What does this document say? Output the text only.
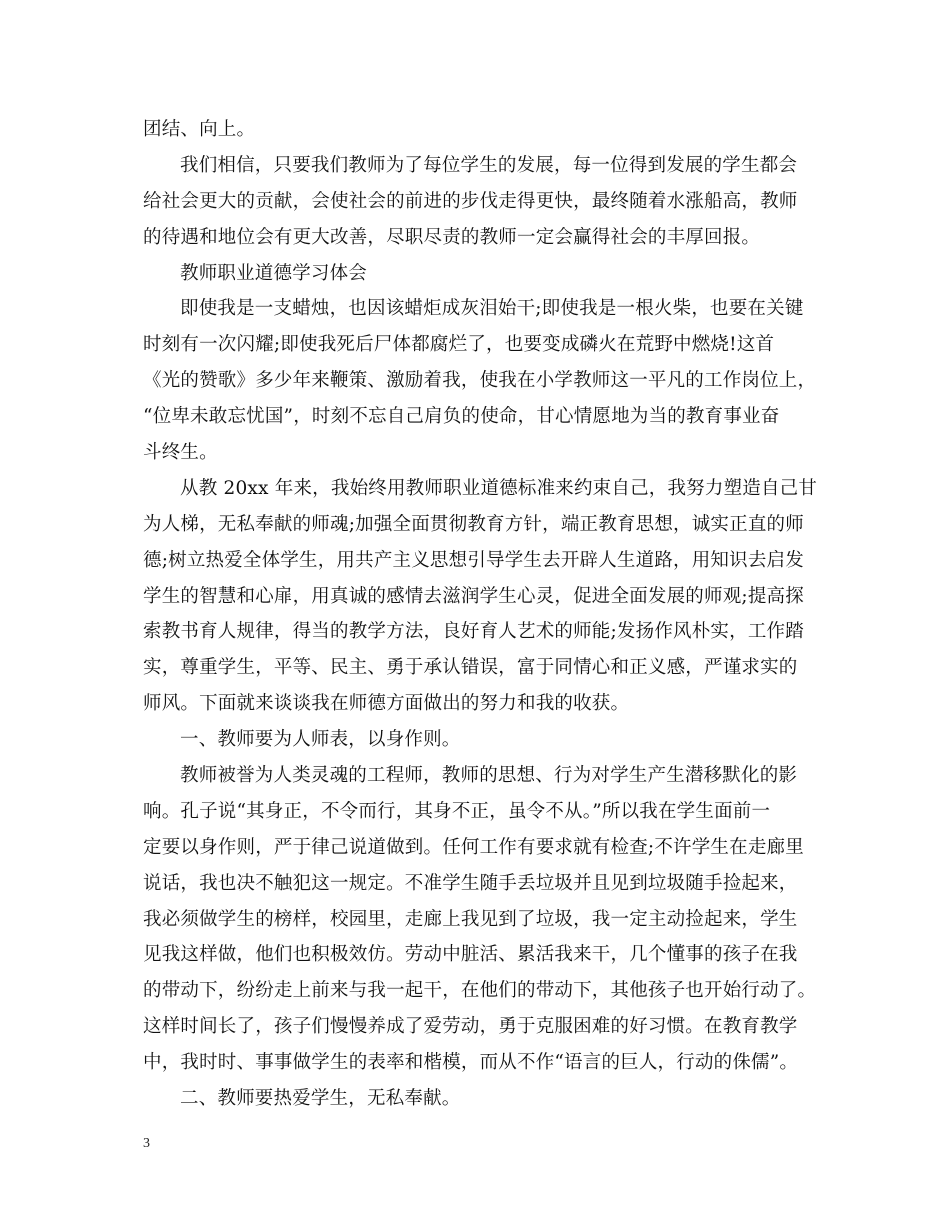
团结、向上。
我们相信，只要我们教师为了每位学生的发展，每一位得到发展的学生都会
给社会更大的贡献，会使社会的前进的步伐走得更快，最终随着水涨船高，教师
的待遇和地位会有更大改善，尽职尽责的教师一定会赢得社会的丰厚回报。
教师职业道德学习体会
即使我是一支蜡烛，也因该蜡炬成灰泪始干;即使我是一根火柴，也要在关键
时刻有一次闪耀;即使我死后尸体都腐烂了，也要变成磷火在荒野中燃烧!这首
《光的赞歌》多少年来鞭策、激励着我，使我在小学教师这一平凡的工作岗位上，
“位卑未敢忘忧国”，时刻不忘自己肩负的使命，甘心情愿地为当的教育事业奋
斗终生。
从教 20xx 年来，我始终用教师职业道德标准来约束自己，我努力塑造自己甘
为人梯，无私奉献的师魂;加强全面贯彻教育方针，端正教育思想，诚实正直的师
德;树立热爱全体学生，用共产主义思想引导学生去开辟人生道路，用知识去启发
学生的智慧和心扉，用真诚的感情去滋润学生心灵，促进全面发展的师观;提高探
索教书育人规律，得当的教学方法，良好育人艺术的师能;发扬作风朴实，工作踏
实，尊重学生，平等、民主、勇于承认错误，富于同情心和正义感，严谨求实的
师风。下面就来谈谈我在师德方面做出的努力和我的收获。
一、教师要为人师表，以身作则。
教师被誉为人类灵魂的工程师，教师的思想、行为对学生产生潜移默化的影
响。孔子说“其身正，不令而行，其身不正，虽令不从。”所以我在学生面前一
定要以身作则，严于律己说道做到。任何工作有要求就有检查;不许学生在走廊里
说话，我也决不触犯这一规定。不准学生随手丢垃圾并且见到垃圾随手捡起来，
我必须做学生的榜样，校园里，走廊上我见到了垃圾，我一定主动捡起来，学生
见我这样做，他们也积极效仿。劳动中脏活、累活我来干，几个懂事的孩子在我
的带动下，纷纷走上前来与我一起干，在他们的带动下，其他孩子也开始行动了。
这样时间长了，孩子们慢慢养成了爱劳动，勇于克服困难的好习惯。在教育教学
中，我时时、事事做学生的表率和楷模，而从不作“语言的巨人，行动的侏儒”。
二、教师要热爱学生，无私奉献。
3
